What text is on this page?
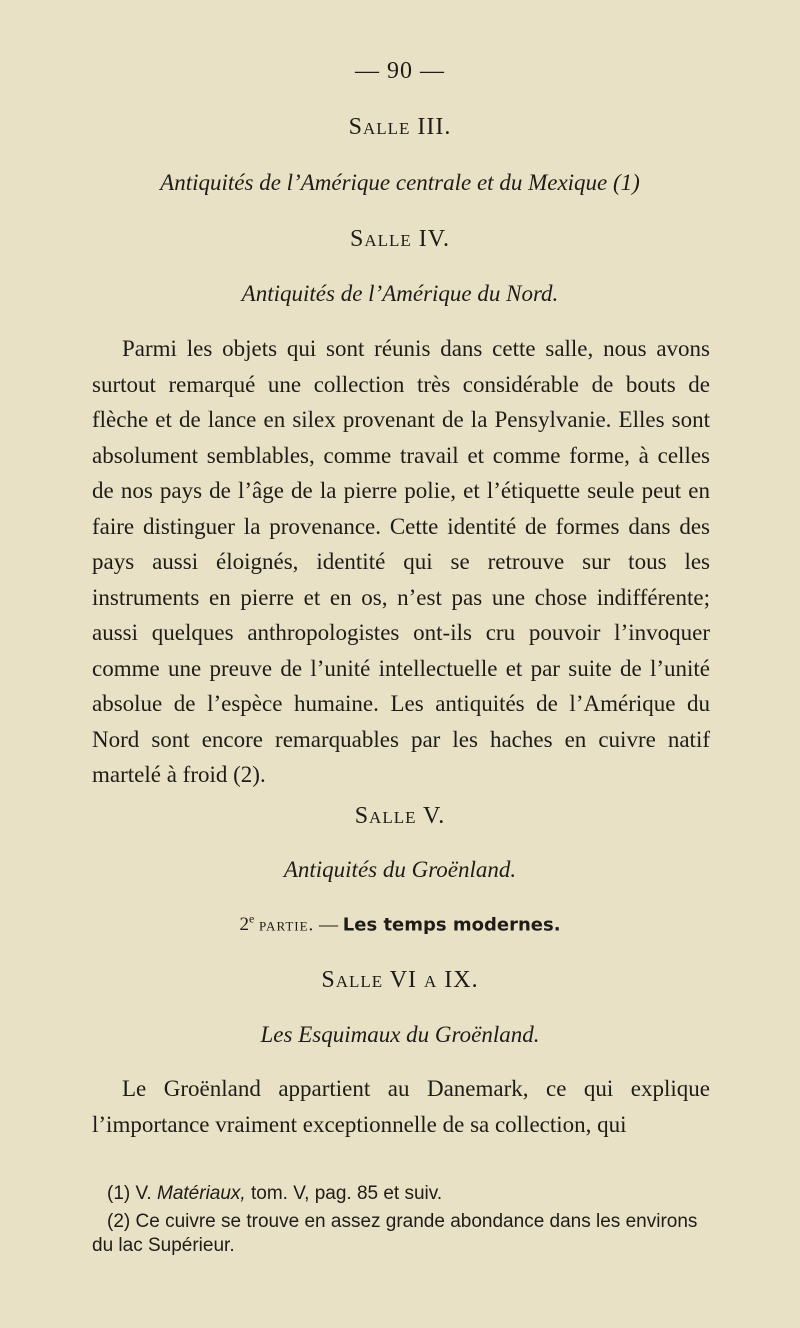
— 90 —
Salle III.
Antiquités de l’Amérique centrale et du Mexique (1)
Salle IV.
Antiquités de l’Amérique du Nord.
Parmi les objets qui sont réunis dans cette salle, nous avons surtout remarqué une collection très considérable de bouts de flèche et de lance en silex provenant de la Pensylvanie. Elles sont absolument semblables, comme travail et comme forme, à celles de nos pays de l’âge de la pierre polie, et l’étiquette seule peut en faire distinguer la provenance. Cette identité de formes dans des pays aussi éloignés, identité qui se retrouve sur tous les instruments en pierre et en os, n’est pas une chose indifférente; aussi quelques anthropologistes ont-ils cru pouvoir l’invoquer comme une preuve de l’unité intellectuelle et par suite de l’unité absolue de l’espèce humaine. Les antiquités de l’Amérique du Nord sont encore remarquables par les haches en cuivre natif martelé à froid (2).
Salle V.
Antiquités du Groënland.
2e partie. — Les temps modernes.
Salle VI a IX.
Les Esquimaux du Groënland.
Le Groënland appartient au Danemark, ce qui explique l’importance vraiment exceptionnelle de sa collection, qui
(1) V. Matériaux, tom. V, pag. 85 et suiv.
(2) Ce cuivre se trouve en assez grande abondance dans les environs
du lac Supérieur.
